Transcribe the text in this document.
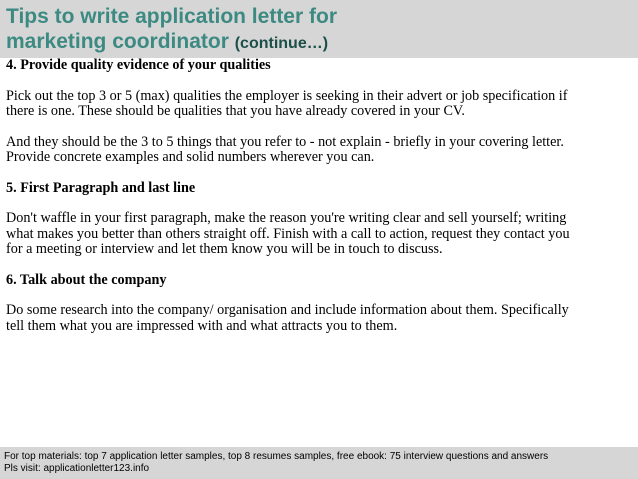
Tips to write application letter for
marketing coordinator (continue…)

4. Provide quality evidence of your qualities

Pick out the top 3 or 5 (max) qualities the employer is seeking in their advert or job specification if
there is one. These should be qualities that you have already covered in your CV.

And they should be the 3 to 5 things that you refer to - not explain - briefly in your covering letter.
Provide concrete examples and solid numbers wherever you can.

5. First Paragraph and last line

Don't waffle in your first paragraph, make the reason you're writing clear and sell yourself; writing
what makes you better than others straight off. Finish with a call to action, request they contact you
for a meeting or interview and let them know you will be in touch to discuss.

6. Talk about the company

Do some research into the company/ organisation and include information about them. Specifically
tell them what you are impressed with and what attracts you to them.

For top materials: top 7 application letter samples, top 8 resumes samples, free ebook: 75 interview questions and answers
Pls visit: applicationletter123.info
